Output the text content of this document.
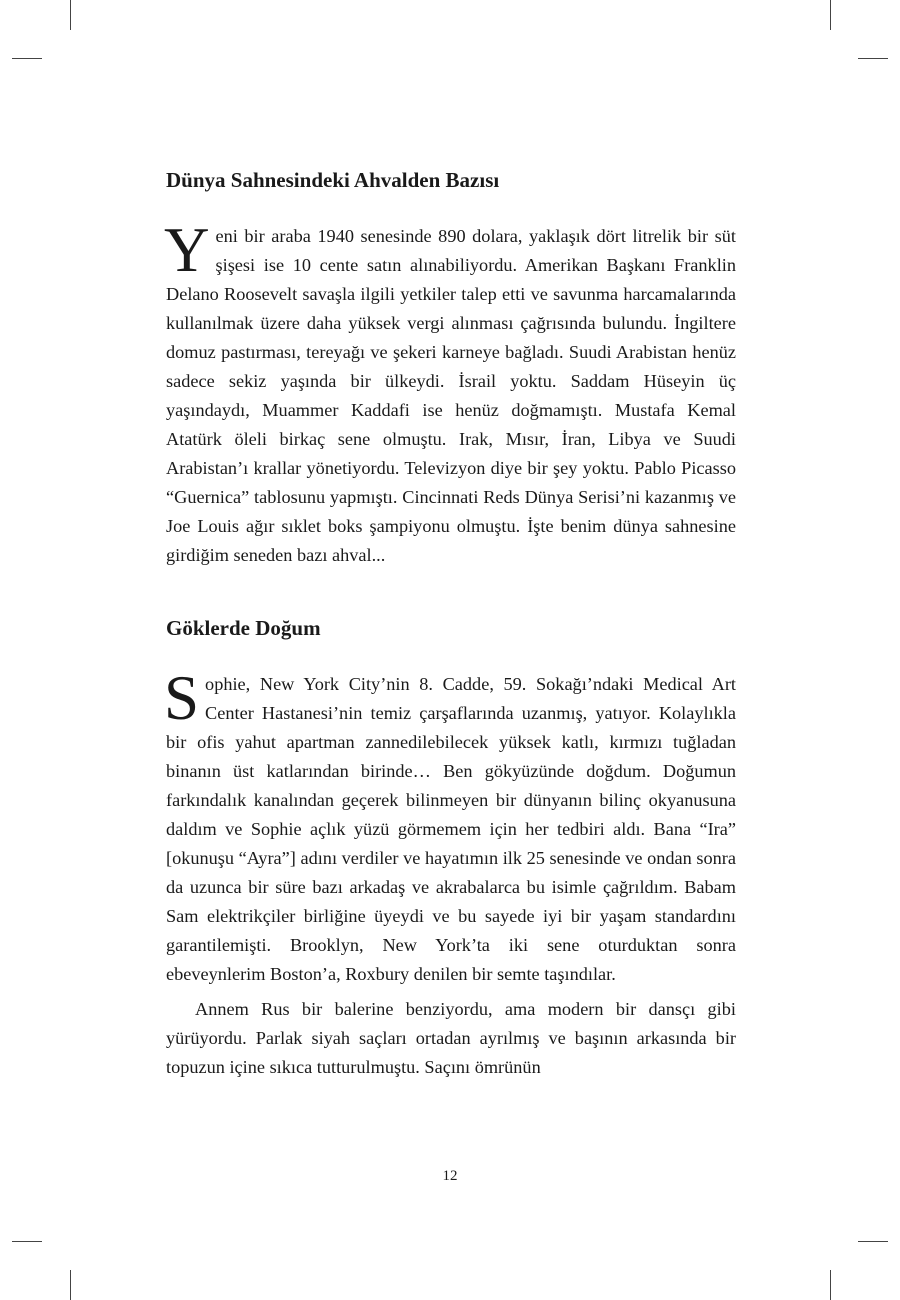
Dünya Sahnesindeki Ahvalden Bazısı

Yeni bir araba 1940 senesinde 890 dolara, yaklaşık dört litrelik bir süt şişesi ise 10 cente satın alınabiliyordu. Amerikan Başkanı Franklin Delano Roosevelt savaşla ilgili yetkiler talep etti ve savunma harcamalarında kullanılmak üzere daha yüksek vergi alınması çağrısında bulundu. İngiltere domuz pastırması, tereyağı ve şekeri karneye bağladı. Suudi Arabistan henüz sadece sekiz yaşında bir ülkeydi. İsrail yoktu. Saddam Hüseyin üç yaşındaydı, Muammer Kaddafi ise henüz doğmamıştı. Mustafa Kemal Atatürk öleli birkaç sene olmuştu. Irak, Mısır, İran, Libya ve Suudi Arabistan’ı krallar yönetiyordu. Televizyon diye bir şey yoktu. Pablo Picasso “Guernica” tablosunu yapmıştı. Cincinnati Reds Dünya Serisi’ni kazanmış ve Joe Louis ağır sıklet boks şampiyonu olmuştu. İşte benim dünya sahnesine girdiğim seneden bazı ahval...

Göklerde Doğum

Sophie, New York City’nin 8. Cadde, 59. Sokağı’ndaki Medical Art Center Hastanesi’nin temiz çarşaflarında uzanmış, yatıyor. Kolaylıkla bir ofis yahut apartman zannedilebilecek yüksek katlı, kırmızı tuğladan binanın üst katlarından birinde… Ben gökyüzünde doğdum. Doğumun farkındalık kanalından geçerek bilinmeyen bir dünyanın bilinç okyanusuna daldım ve Sophie açlık yüzü görmemem için her tedbiri aldı. Bana “Ira” [okunuşu “Ayra”] adını verdiler ve hayatımın ilk 25 senesinde ve ondan sonra da uzunca bir süre bazı arkadaş ve akrabalarca bu isimle çağrıldım. Babam Sam elektrikçiler birliğine üyeydi ve bu sayede iyi bir yaşam standardını garantilemişti. Brooklyn, New York’ta iki sene oturduktan sonra ebeveynlerim Boston’a, Roxbury denilen bir semte taşındılar.

Annem Rus bir balerine benziyordu, ama modern bir dansçı gibi yürüyordu. Parlak siyah saçları ortadan ayrılmış ve başının arkasında bir topuzun içine sıkıca tutturulmuştu. Saçını ömrünün

12
